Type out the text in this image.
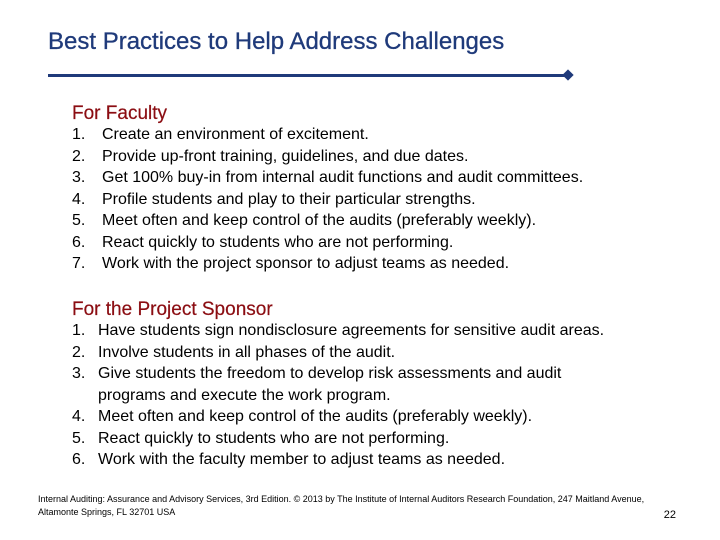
Best Practices to Help Address Challenges
For Faculty
1.	Create an environment of excitement.
2.	Provide up-front training, guidelines, and due dates.
3.	Get 100% buy-in from internal audit functions and audit committees.
4.	Profile students and play to their particular strengths.
5.	Meet often and keep control of the audits (preferably weekly).
6.	React quickly to students who are not performing.
7.	Work with the project sponsor to adjust teams as needed.
For the Project Sponsor
1. Have students sign nondisclosure agreements for sensitive audit areas.
2. Involve students in all phases of the audit.
3. Give students the freedom to develop risk assessments and audit programs and execute the work program.
4. Meet often and keep control of the audits (preferably weekly).
5. React quickly to students who are not performing.
6. Work with the faculty member to adjust teams as needed.
Internal Auditing: Assurance and Advisory Services, 3rd Edition. © 2013 by The Institute of Internal Auditors Research Foundation, 247 Maitland Avenue, Altamonte Springs, FL 32701 USA	22
